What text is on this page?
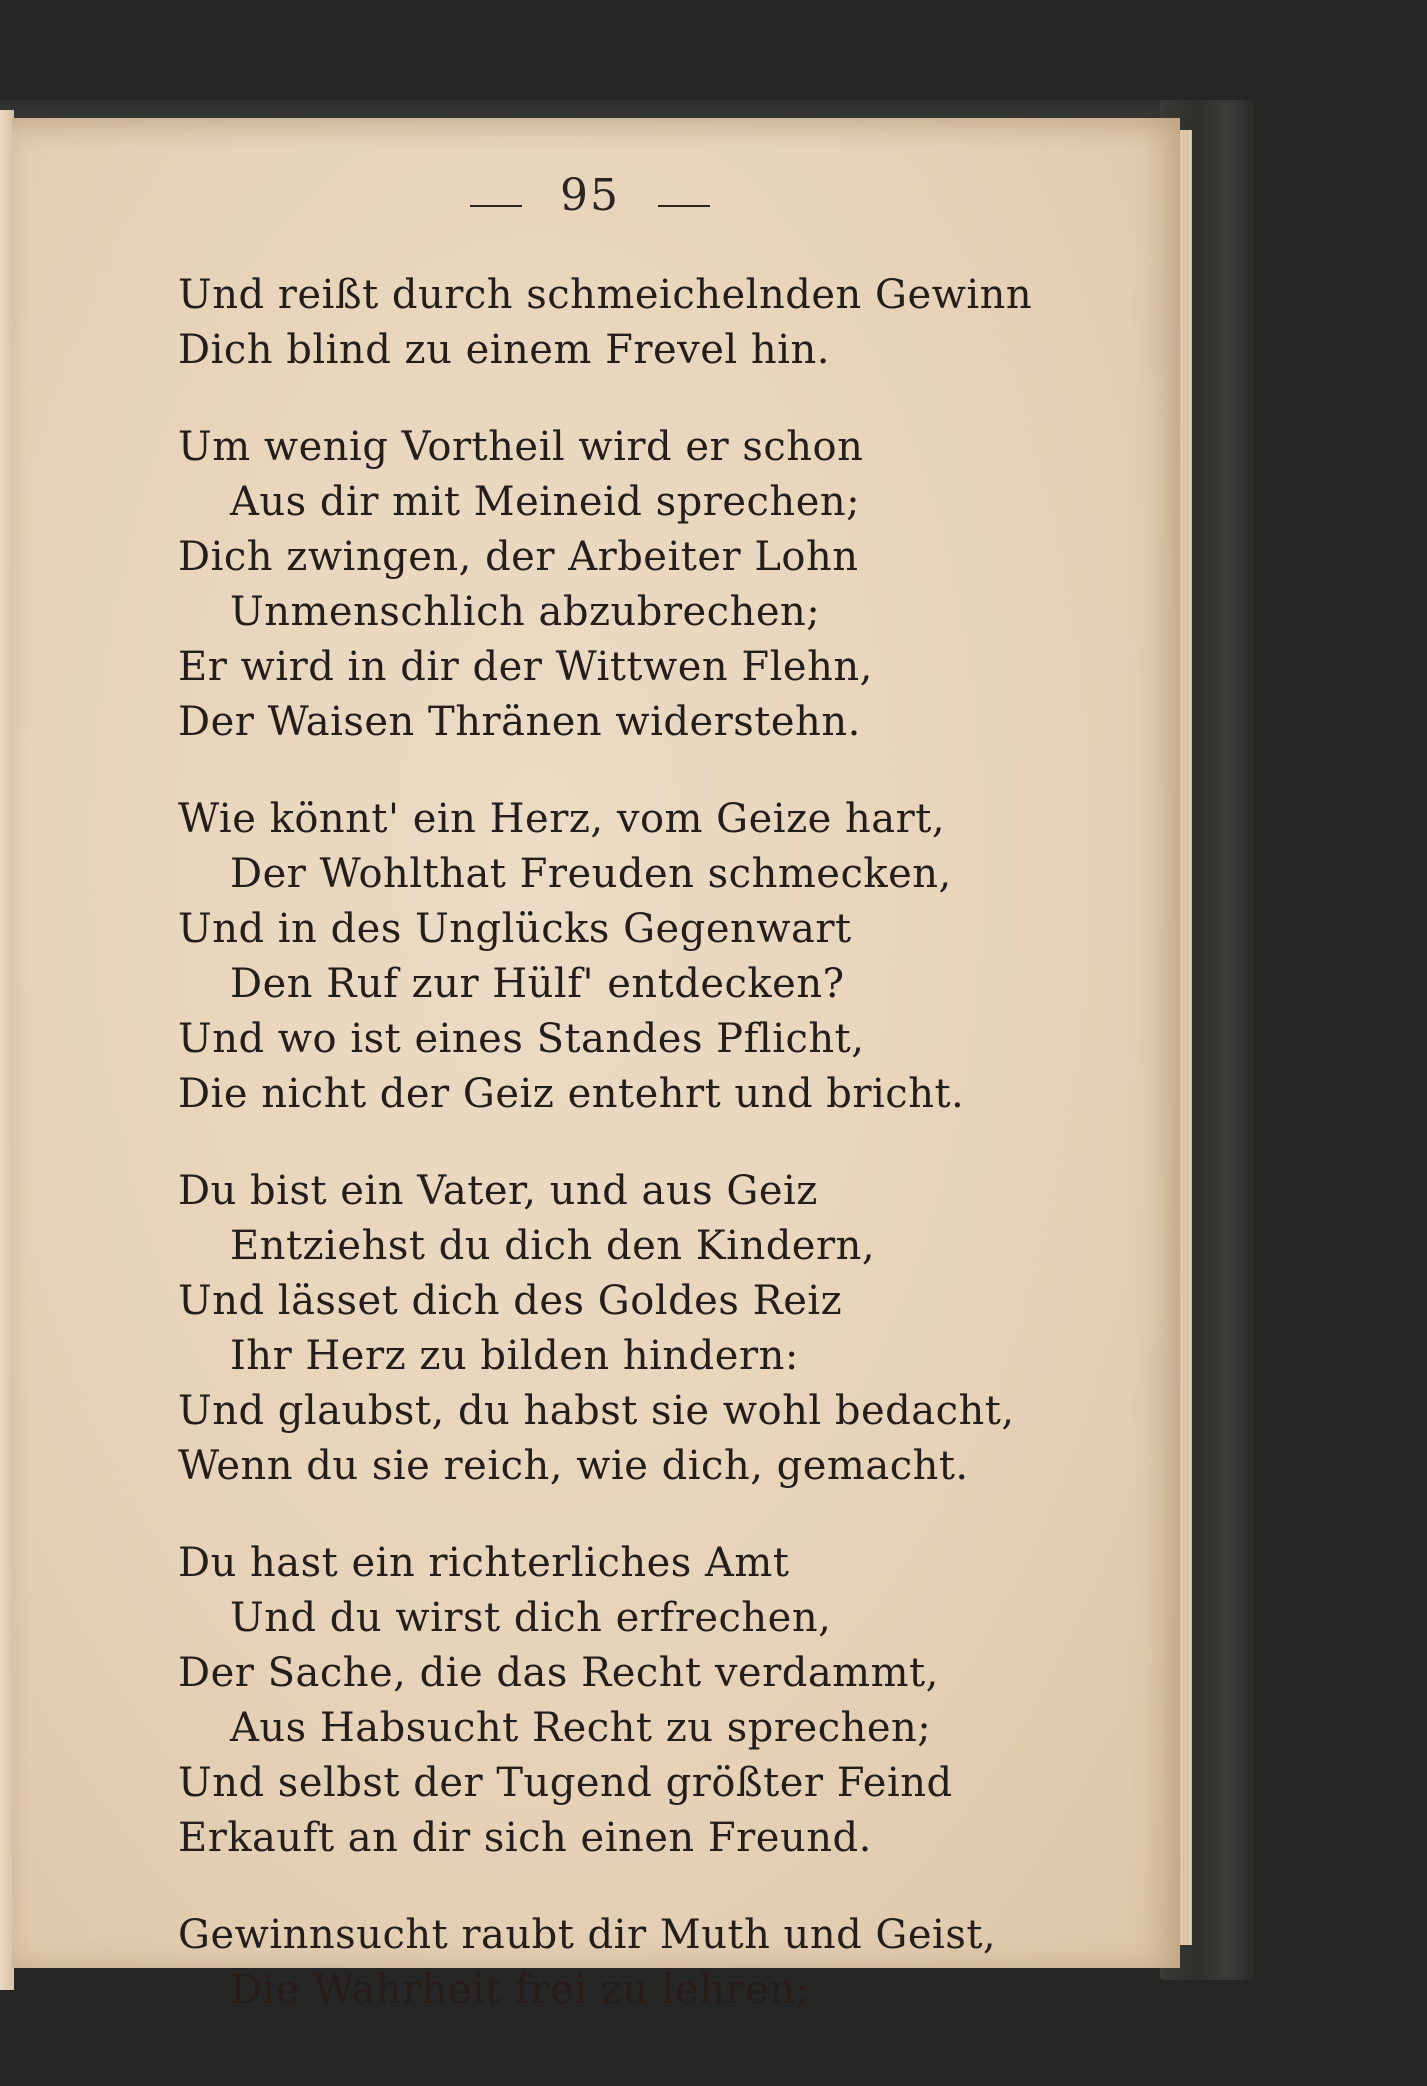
95
Und reißt durch schmeichelnden Gewinn
Dich blind zu einem Frevel hin.
Um wenig Vortheil wird er schon
Aus dir mit Meineid sprechen;
Dich zwingen, der Arbeiter Lohn
Unmenschlich abzubrechen;
Er wird in dir der Wittwen Flehn,
Der Waisen Thränen widerstehn.
Wie könnt' ein Herz, vom Geize hart,
Der Wohlthat Freuden schmecken,
Und in des Unglücks Gegenwart
Den Ruf zur Hülf' entdecken?
Und wo ist eines Standes Pflicht,
Die nicht der Geiz entehrt und bricht.
Du bist ein Vater, und aus Geiz
Entziehst du dich den Kindern,
Und lässet dich des Goldes Reiz
Ihr Herz zu bilden hindern:
Und glaubst, du habst sie wohl bedacht,
Wenn du sie reich, wie dich, gemacht.
Du hast ein richterliches Amt
Und du wirst dich erfrechen,
Der Sache, die das Recht verdammt,
Aus Habsucht Recht zu sprechen;
Und selbst der Tugend größter Feind
Erkauft an dir sich einen Freund.
Gewinnsucht raubt dir Muth und Geist,
Die Wahrheit frei zu lehren;
